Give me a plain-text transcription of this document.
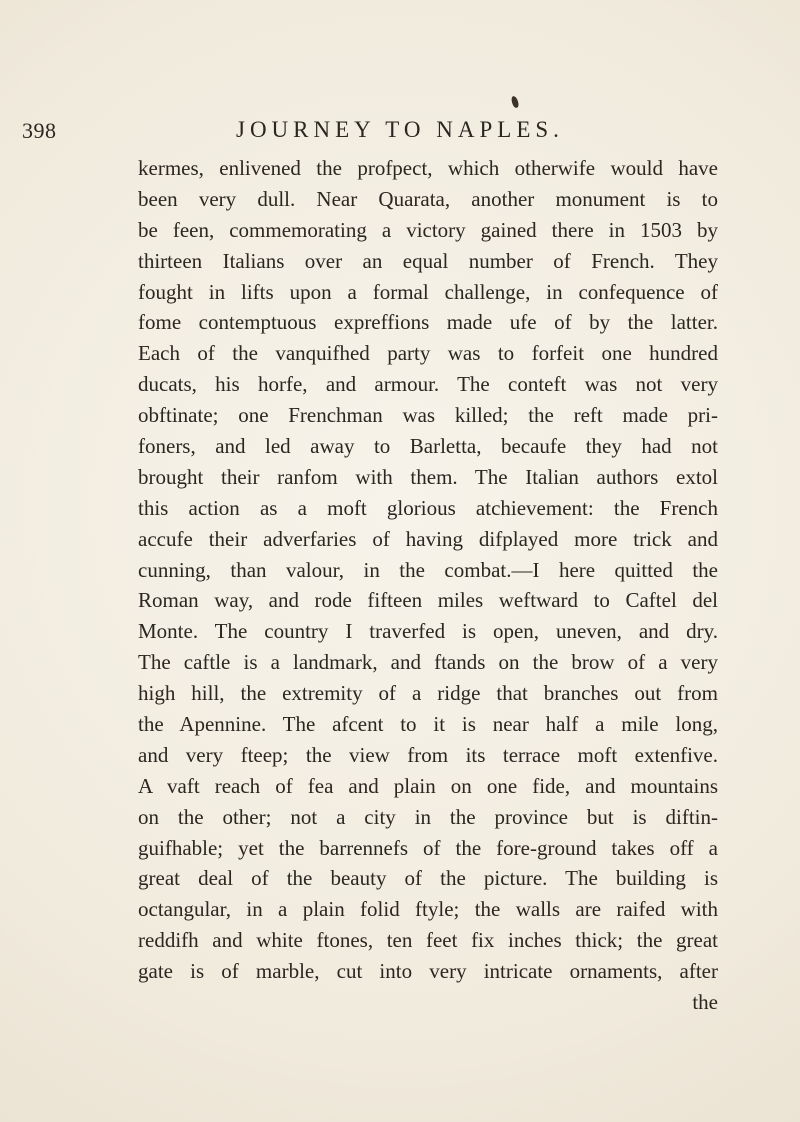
398	JOURNEY TO NAPLES.
kermes, enlivened the profpect, which otherwife would have
been very dull. Near Quarata, another monument is to
be feen, commemorating a victory gained there in 1503 by
thirteen Italians over an equal number of French. They
fought in lifts upon a formal challenge, in confequence of
fome contemptuous expreffions made ufe of by the latter.
Each of the vanquifhed party was to forfeit one hundred
ducats, his horfe, and armour. The conteft was not very
obftinate; one Frenchman was killed; the reft made pri-
foners, and led away to Barletta, becaufe they had not
brought their ranfom with them. The Italian authors extol
this action as a moft glorious atchievement: the French
accufe their adverfaries of having difplayed more trick and
cunning, than valour, in the combat.—I here quitted the
Roman way, and rode fifteen miles weftward to Caftel del
Monte. The country I traverfed is open, uneven, and dry.
The caftle is a landmark, and ftands on the brow of a very
high hill, the extremity of a ridge that branches out from
the Apennine. The afcent to it is near half a mile long,
and very fteep; the view from its terrace moft extenfive.
A vaft reach of fea and plain on one fide, and mountains
on the other; not a city in the province but is diftin-
guifhable; yet the barrennefs of the fore-ground takes off a
great deal of the beauty of the picture. The building is
octangular, in a plain folid ftyle; the walls are raifed with
reddifh and white ftones, ten feet fix inches thick; the great
gate is of marble, cut into very intricate ornaments, after
the
